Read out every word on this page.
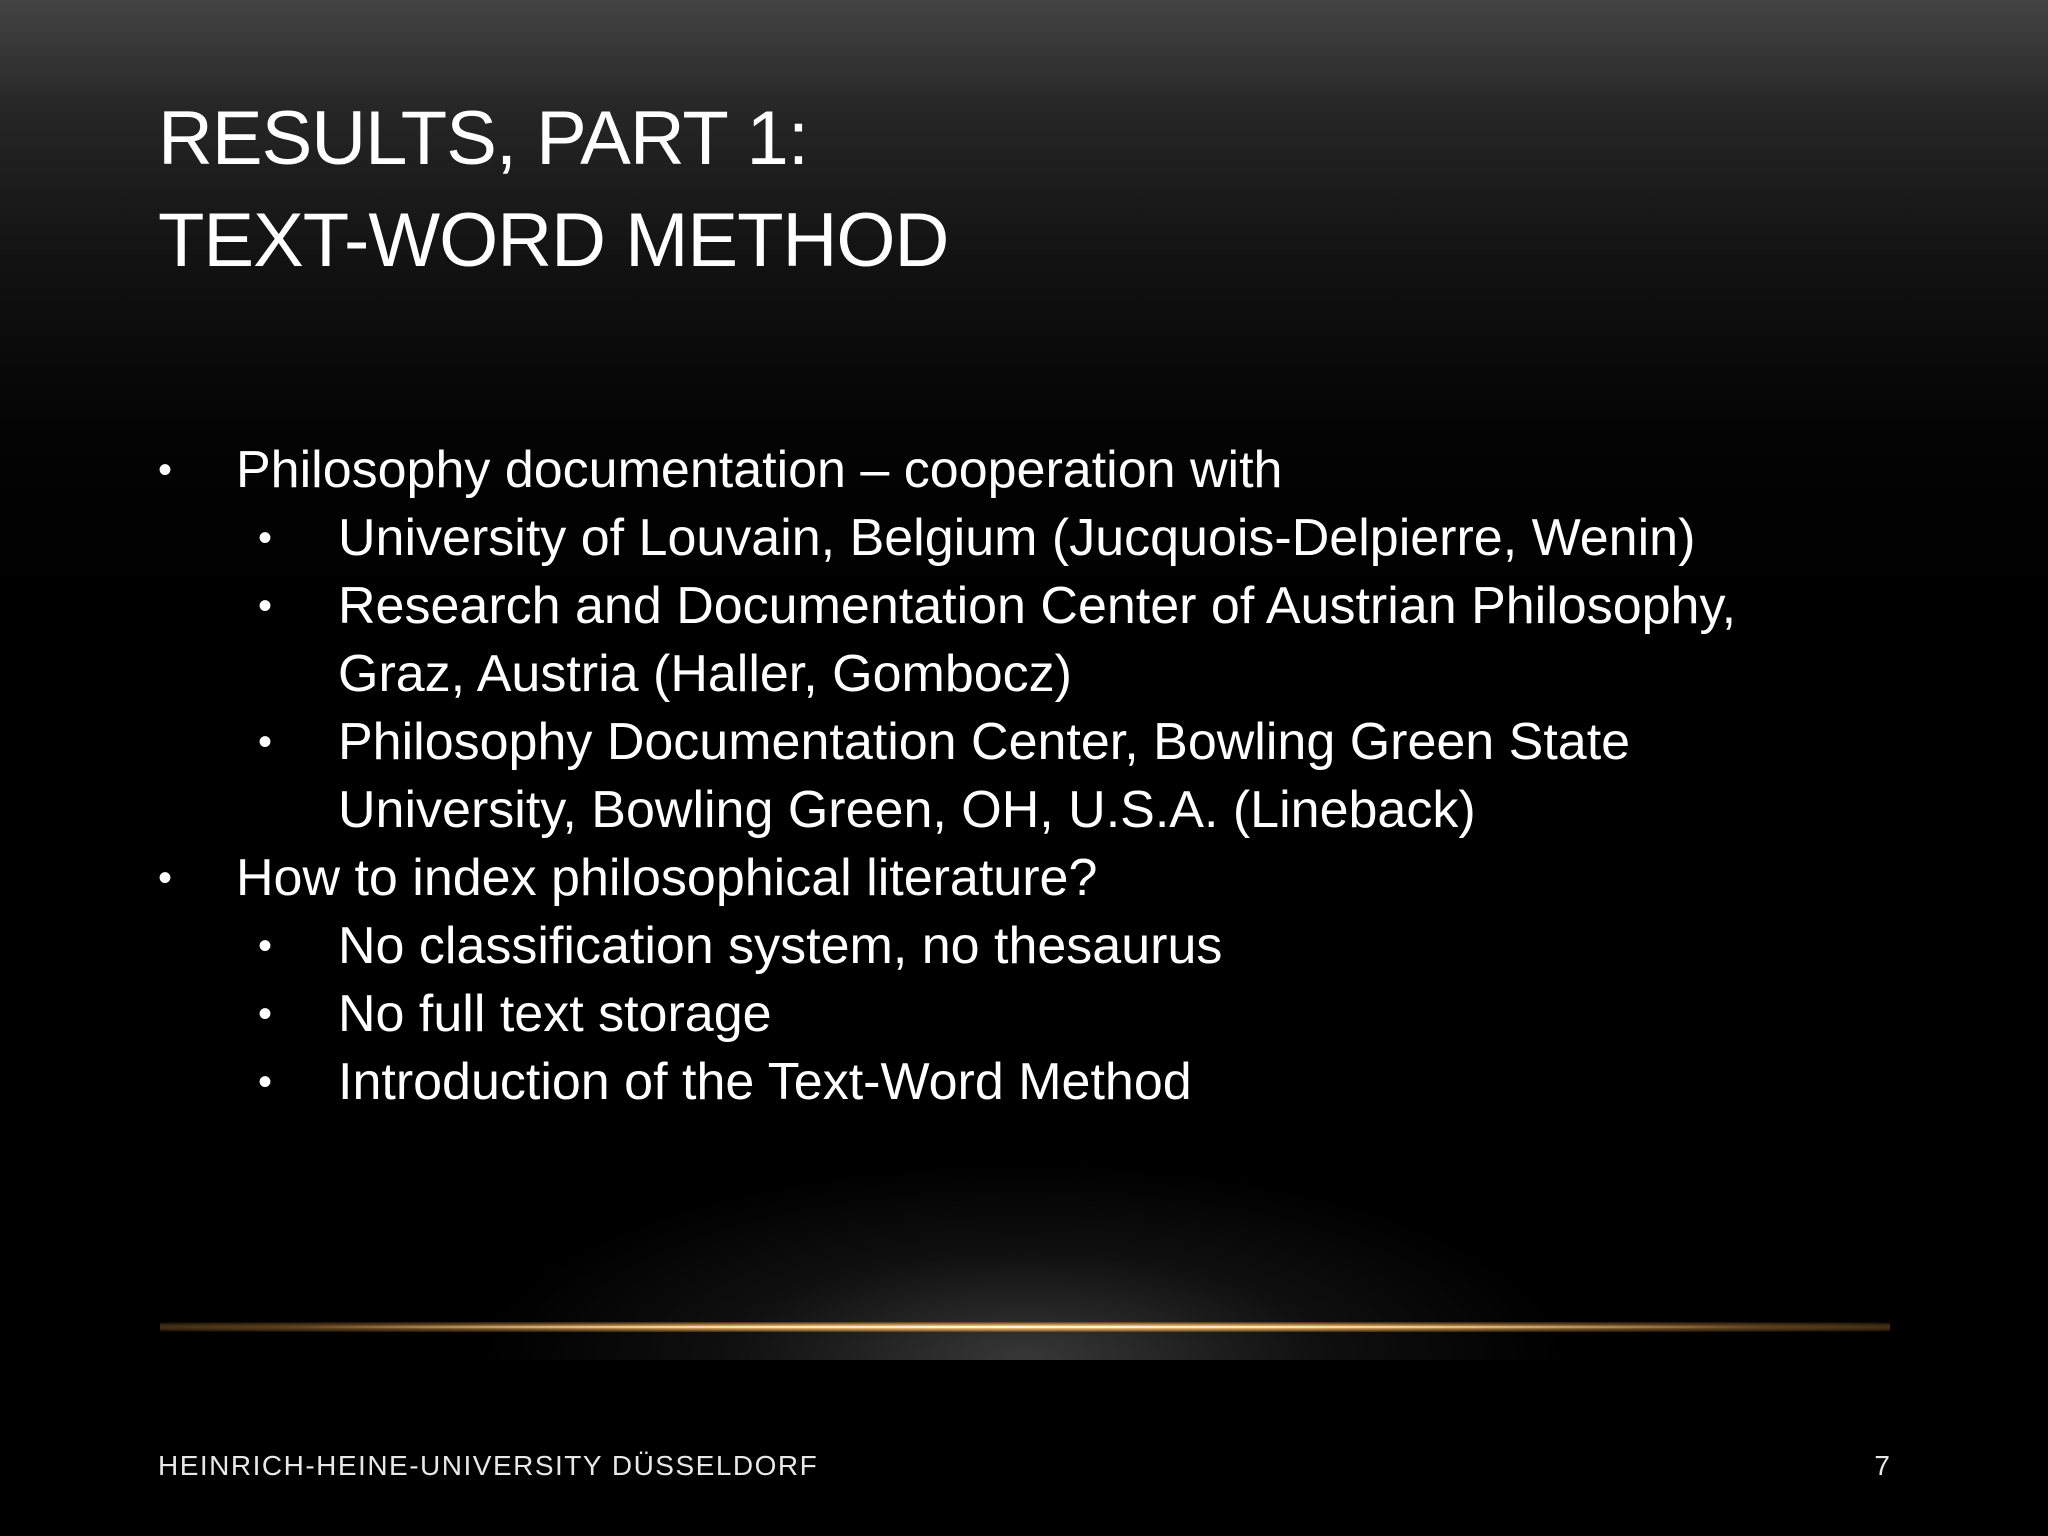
RESULTS, PART 1:
TEXT-WORD METHOD
• Philosophy documentation – cooperation with
• University of Louvain, Belgium (Jucquois-Delpierre, Wenin)
• Research and Documentation Center of Austrian Philosophy,
Graz, Austria (Haller, Gombocz)
• Philosophy Documentation Center, Bowling Green State
University, Bowling Green, OH, U.S.A. (Lineback)
• How to index philosophical literature?
• No classification system, no thesaurus
• No full text storage
• Introduction of the Text-Word Method
HEINRICH-HEINE-UNIVERSITY DÜSSELDORF	7
